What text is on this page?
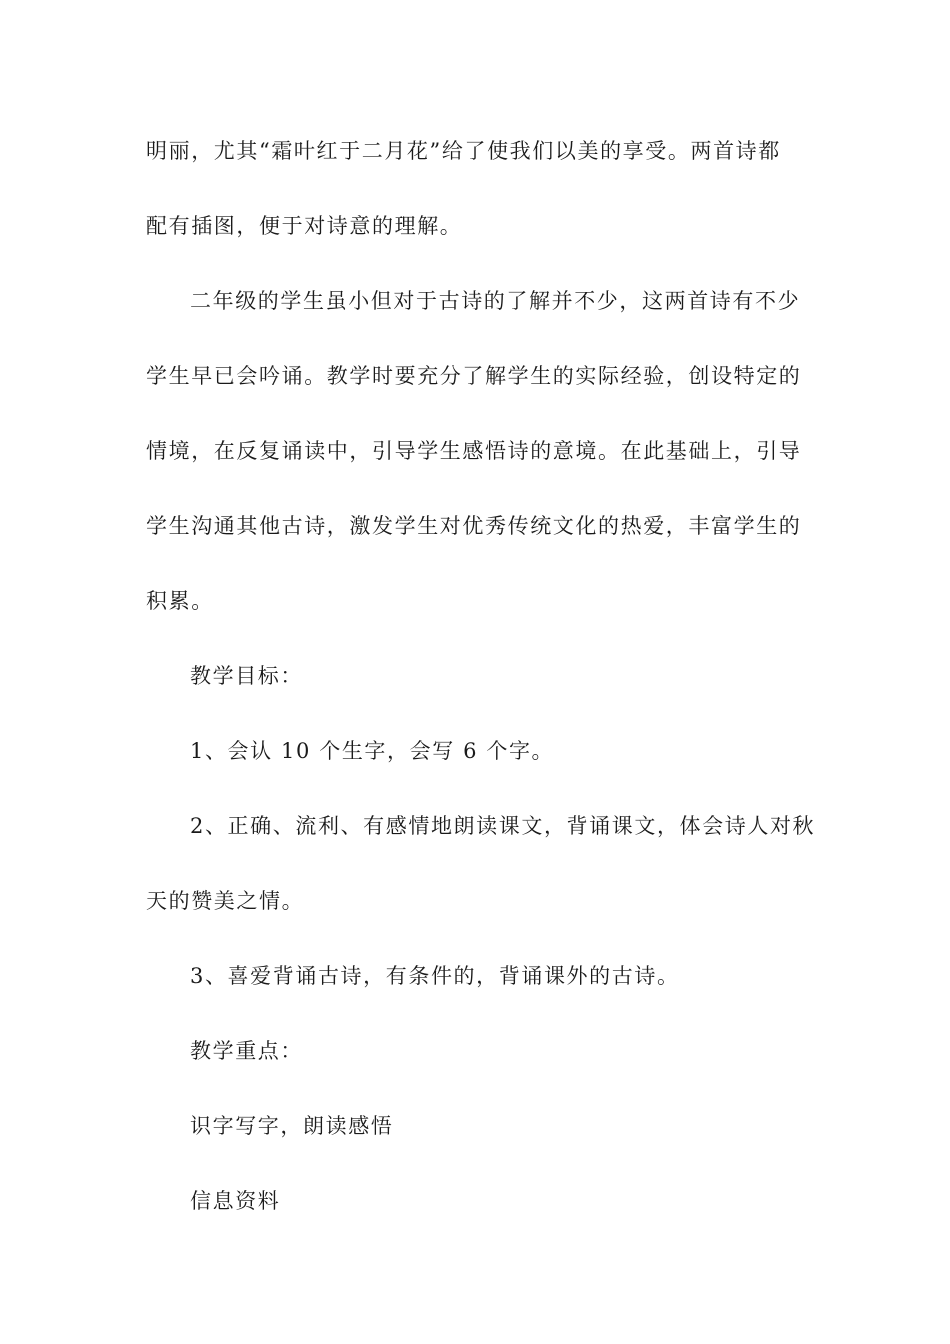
明丽，尤其“霜叶红于二月花”给了使我们以美的享受。两首诗都
配有插图，便于对诗意的理解。
二年级的学生虽小但对于古诗的了解并不少，这两首诗有不少
学生早已会吟诵。教学时要充分了解学生的实际经验，创设特定的
情境，在反复诵读中，引导学生感悟诗的意境。在此基础上，引导
学生沟通其他古诗，激发学生对优秀传统文化的热爱，丰富学生的
积累。
教学目标：
1、会认 10 个生字，会写 6 个字。
2、正确、流利、有感情地朗读课文，背诵课文，体会诗人对秋
天的赞美之情。
3、喜爱背诵古诗，有条件的，背诵课外的古诗。
教学重点：
识字写字，朗读感悟
信息资料
